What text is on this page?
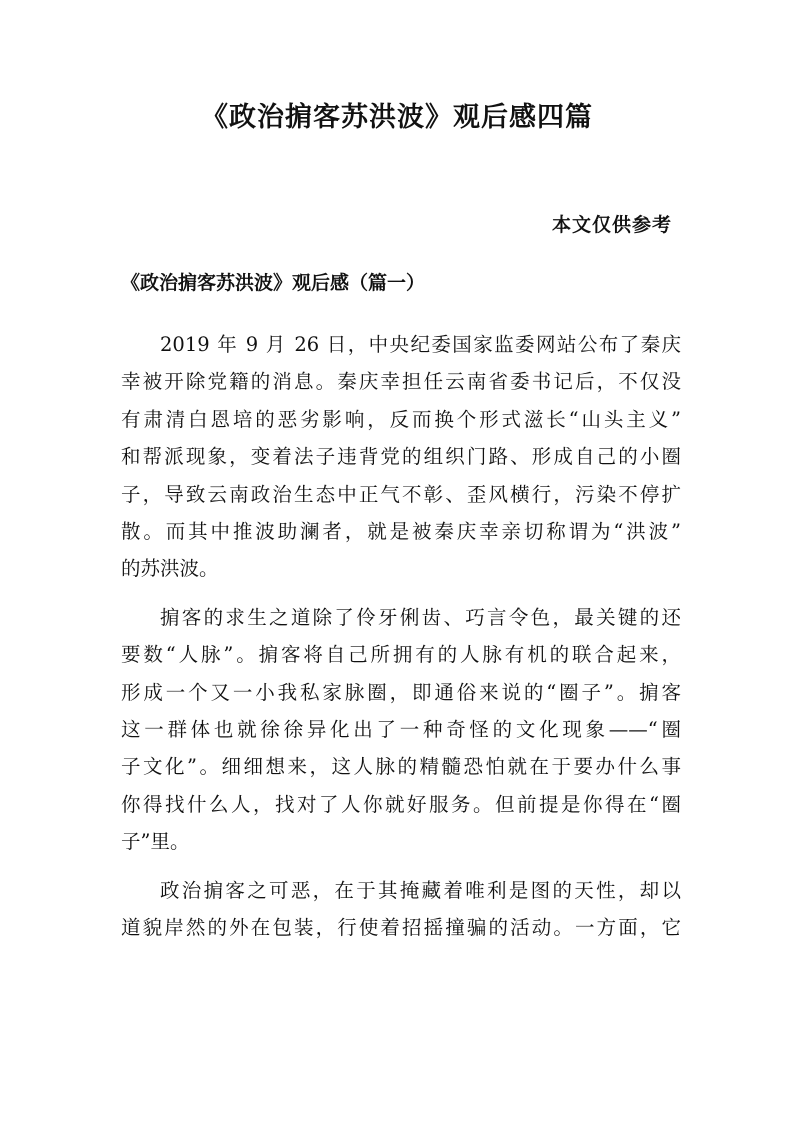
《政治掮客苏洪波》观后感四篇
本文仅供参考
《政治掮客苏洪波》观后感（篇一）

2019 年 9 月 26 日，中央纪委国家监委网站公布了秦庆
幸被开除党籍的消息。秦庆幸担任云南省委书记后，不仅没
有肃清白恩培的恶劣影响，反而换个形式滋长“山头主义”
和帮派现象，变着法子违背党的组织门路、形成自己的小圈
子，导致云南政治生态中正气不彰、歪风横行，污染不停扩
散。而其中推波助澜者，就是被秦庆幸亲切称谓为“洪波”
的苏洪波。

掮客的求生之道除了伶牙俐齿、巧言令色，最关键的还
要数“人脉”。掮客将自己所拥有的人脉有机的联合起来，
形成一个又一小我私家脉圈，即通俗来说的“圈子”。掮客
这一群体也就徐徐异化出了一种奇怪的文化现象——“圈
子文化”。细细想来，这人脉的精髓恐怕就在于要办什么事
你得找什么人，找对了人你就好服务。但前提是你得在“圈
子”里。

政治掮客之可恶，在于其掩藏着唯利是图的天性，却以
道貌岸然的外在包装，行使着招摇撞骗的活动。一方面，它
